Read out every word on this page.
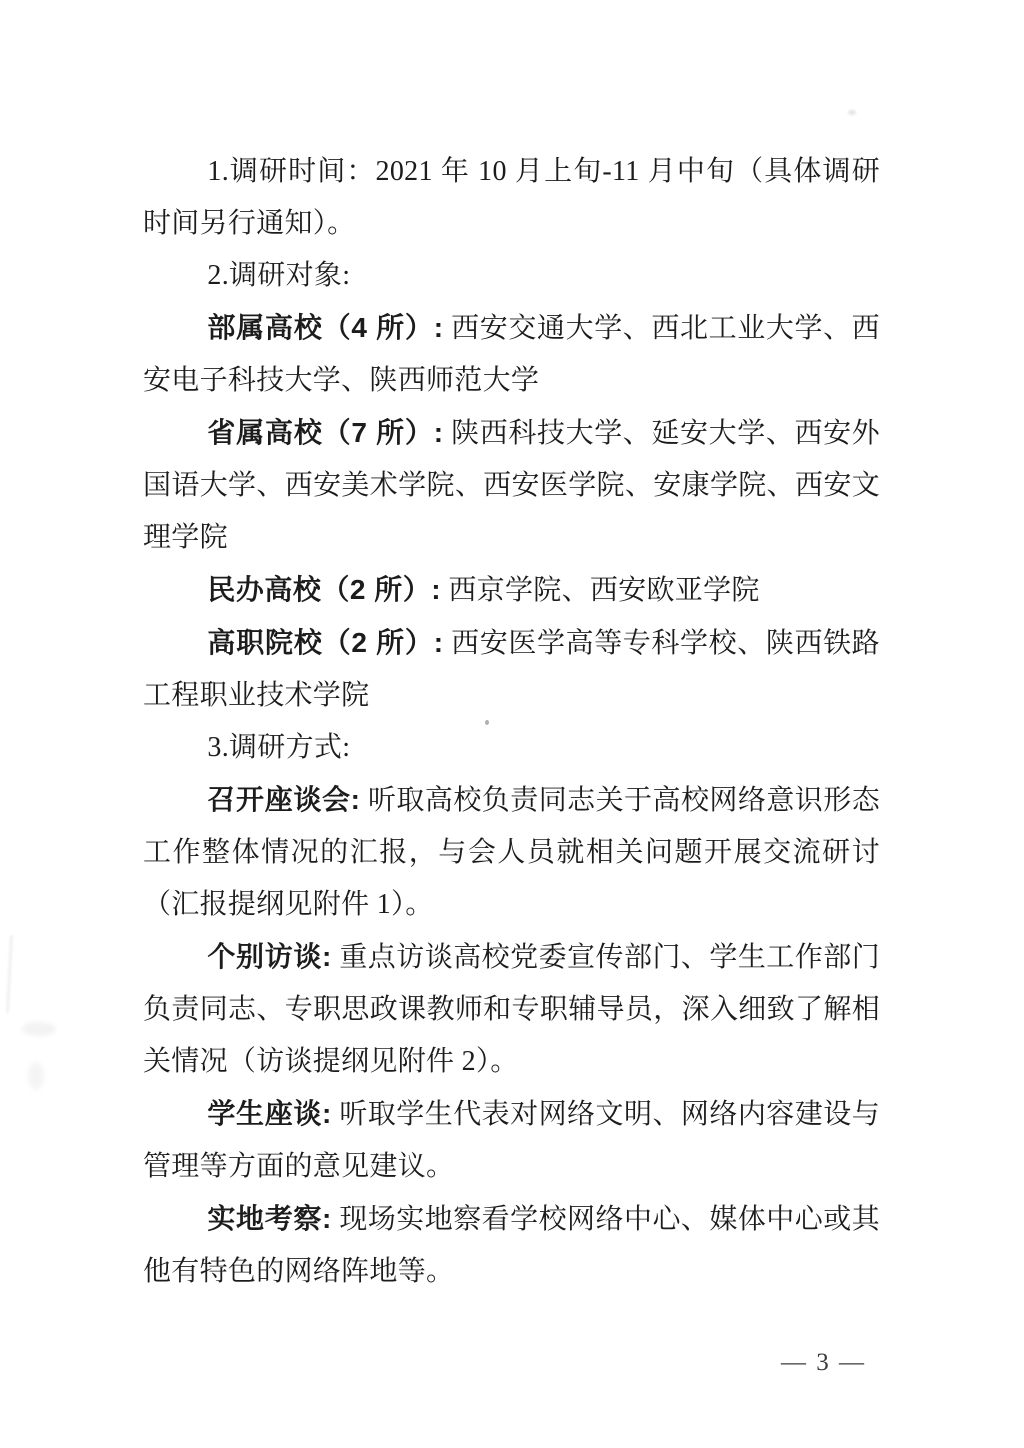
1.调研时间：2021 年 10 月上旬-11 月中旬（具体调研时间另行通知）。

2.调研对象:

部属高校（4 所）: 西安交通大学、西北工业大学、西安电子科技大学、陕西师范大学

省属高校（7 所）: 陕西科技大学、延安大学、西安外国语大学、西安美术学院、西安医学院、安康学院、西安文理学院

民办高校（2 所）: 西京学院、西安欧亚学院

高职院校（2 所）: 西安医学高等专科学校、陕西铁路工程职业技术学院

3.调研方式:

召开座谈会: 听取高校负责同志关于高校网络意识形态工作整体情况的汇报，与会人员就相关问题开展交流研讨（汇报提纲见附件 1）。

个别访谈: 重点访谈高校党委宣传部门、学生工作部门负责同志、专职思政课教师和专职辅导员，深入细致了解相关情况（访谈提纲见附件 2）。

学生座谈: 听取学生代表对网络文明、网络内容建设与管理等方面的意见建议。

实地考察: 现场实地察看学校网络中心、媒体中心或其他有特色的网络阵地等。

— 3 —
